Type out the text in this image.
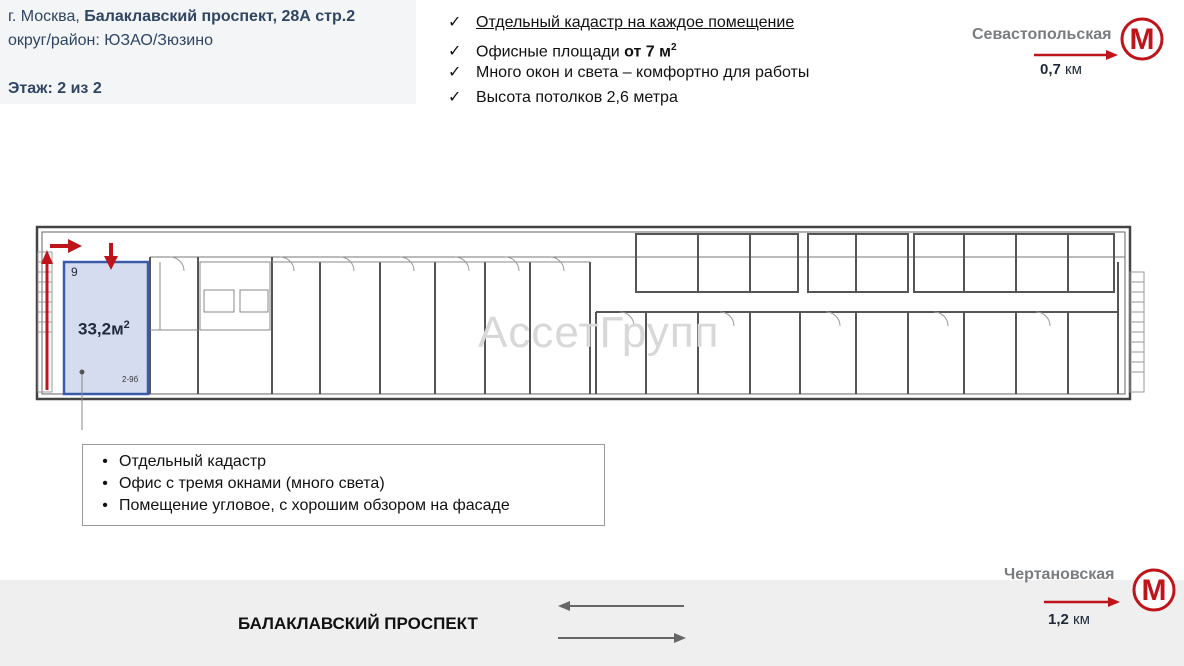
г. Москва, Балаклавский проспект, 28А стр.2
округ/район: ЮЗАО/Зюзино
Этаж: 2 из 2
✓ Отдельный кадастр на каждое помещение
✓ Офисные площади от 7 $м^2$
✓ Много окон и света – комфортно для работы
✓ Высота потолков 2,6 метра
Севастопольская
0,7 км
М
АссетГрупп
9
$33,2м^2$
2-9б
• Отдельный кадастр
• Офис с тремя окнами (много света)
• Помещение угловое, с хорошим обзором на фасаде
БАЛАКЛАВСКИЙ ПРОСПЕКТ
Чертановская
1,2 км
М
